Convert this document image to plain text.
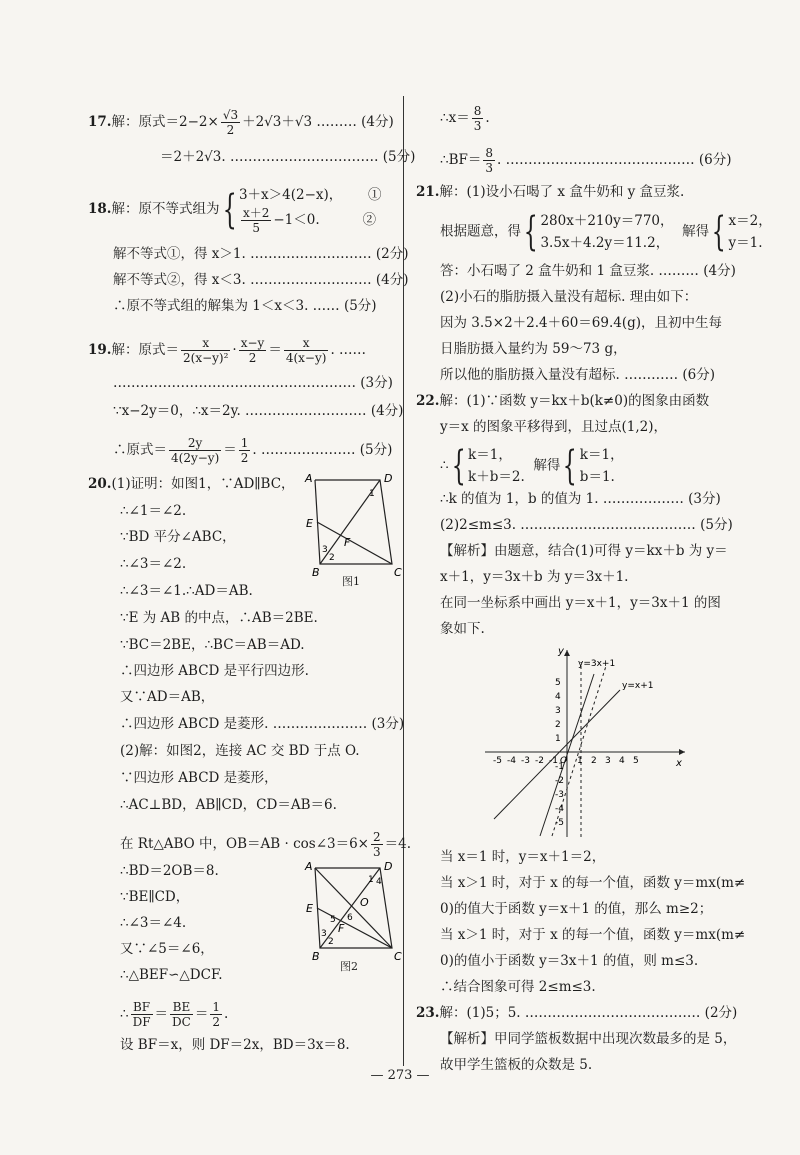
17.解：原式$=2-2\times \frac{√3}{2} +2√3+√3$ ……… (4分)
＝2＋2√3. …………………………… (5分)
18.解：原不等式组为{ 3＋x＞4(2−x)， ①

$\frac{x+2}{5} -1<0$.	②
解不等式①，得 x＞1. ……………………… (2分)
解不等式②，得 x＜3. ……………………… (4分)
∴原不等式组的解集为 1＜x＜3. …… (5分)
19.解：原式＝ $\frac{x}{\text{2(x−y)²}} \cdot \frac{x-y}{2} = \frac{x}{4(x-y)}$ . ……
……………………………………………… (3分)
∵x−2y＝0，∴x＝2y. ……………………… (4分)
∴原式＝ $\frac{2y}{4(2y-y)} = \frac{1}{2}$ . ………………… (5分)
20.(1)证明：如图1，∵AD∥BC，
∴∠1＝∠2.
∵BD 平分∠ABC，
∴∠3＝∠2.
∴∠3＝∠1.∴AD＝AB.
∵E 为 AB 的中点，∴AB＝2BE.
∵BC＝2BE，∴BC＝AB＝AD.
∴四边形 ABCD 是平行四边形.
又∵AD＝AB，
∴四边形 ABCD 是菱形. ………………… (3分)
(2)解：如图2，连接 AC 交 BD 于点 O.
∵四边形 ABCD 是菱形，
∴AC⊥BD，AB∥CD，CD＝AB＝6.
在 Rt△ABO 中，OB＝AB · cos∠3＝6× $\frac{2}{3} =4$.
∴BD＝2OB＝8.
∵BE∥CD，
∴∠3＝∠4.
又∵∠5＝∠6，
∴△BEF∽△DCF.
∴ $\frac{BF}{DF} = \frac{BE}{DC} = \frac{1}{2}$ .
设 BF＝x，则 DF＝2x，BD＝3x＝8.
A	D
E
F
B	C
1
2
3
图1
A	D
E	O
F
B	C
1 4
2
3
5 6
图2
∴x＝ $\frac{8}{3}$ .
∴BF＝ $\frac{8}{3}$ . …………………………………… (6分)
21.解：(1)设小石喝了 x 盒牛奶和 y 盒豆浆.
根据题意，得{ 280x＋210y＝770，
3.5x＋4.2y＝11.2，  解得{ x＝2，
y＝1.
答：小石喝了 2 盒牛奶和 1 盒豆浆. ……… (4分)
(2)小石的脂肪摄入量没有超标. 理由如下：
因为 3.5×2＋2.4＋60＝69.4(g)，且初中生每
日脂肪摄入量约为 59～73 g，
所以他的脂肪摄入量没有超标. ………… (6分)
22.解：(1)∵函数 y＝kx＋b(k≠0)的图象由函数
y＝x 的图象平移得到，且过点(1,2)，
∴{ k＝1，
k＋b＝2.  解得{ k＝1，
b＝1.
∴k 的值为 1，b 的值为 1. ……………… (3分)
(2)2≤m≤3. ………………………………… (5分)
【解析】由题意，结合(1)可得 y＝kx＋b 为 y＝
x＋1，y＝3x＋b 为 y＝3x＋1.
在同一坐标系中画出 y＝x＋1，y＝3x＋1 的图
象如下.
y
x
y=3x+1
y=x+1
O
-5 -4 -3 -2 -1 1 2 3 4 5
5
4
3
2
1
-1
-2
-3
-4
-5
当 x＝1 时，y＝x＋1＝2，
当 x＞1 时，对于 x 的每一个值，函数 y＝mx(m≠
0)的值大于函数 y＝x＋1 的值，那么 m≥2；
当 x＞1 时，对于 x 的每一个值，函数 y＝mx(m≠
0)的值小于函数 y＝3x＋1 的值，则 m≤3.
∴结合图象可得 2≤m≤3.
23.解：(1)5；5. ………………………………… (2分)
【解析】甲同学篮板数据中出现次数最多的是 5，
故甲学生篮板的众数是 5.
— 273 —
